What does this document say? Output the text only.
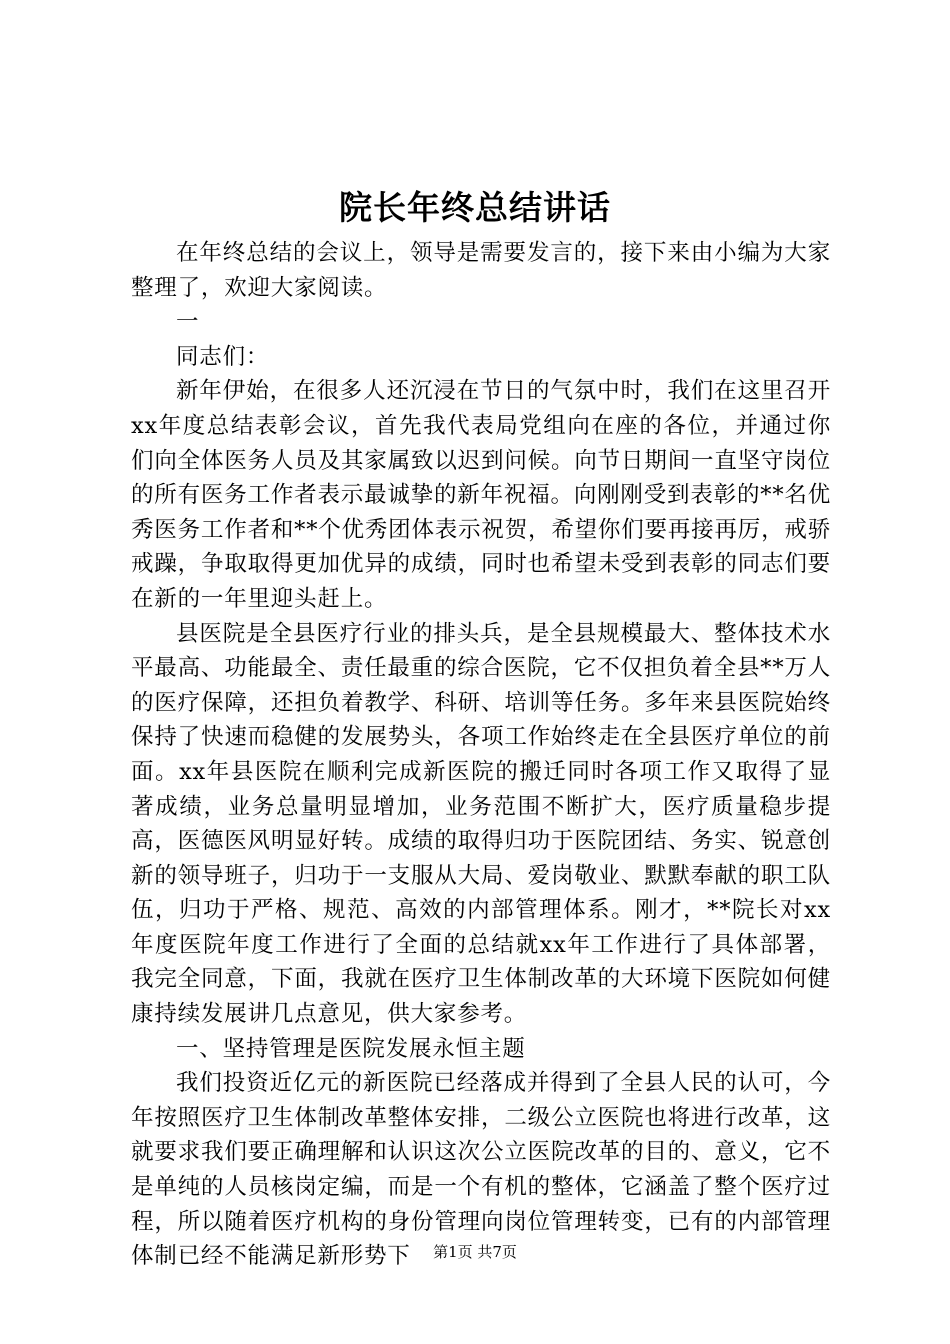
院长年终总结讲话

在年终总结的会议上，领导是需要发言的，接下来由小编为大家整理了，欢迎大家阅读。

一

同志们：

新年伊始，在很多人还沉浸在节日的气氛中时，我们在这里召开xx年度总结表彰会议，首先我代表局党组向在座的各位，并通过你们向全体医务人员及其家属致以迟到问候。向节日期间一直坚守岗位的所有医务工作者表示最诚挚的新年祝福。向刚刚受到表彰的**名优秀医务工作者和**个优秀团体表示祝贺，希望你们要再接再厉，戒骄戒躁，争取取得更加优异的成绩，同时也希望未受到表彰的同志们要在新的一年里迎头赶上。

县医院是全县医疗行业的排头兵，是全县规模最大、整体技术水平最高、功能最全、责任最重的综合医院，它不仅担负着全县**万人的医疗保障，还担负着教学、科研、培训等任务。多年来县医院始终保持了快速而稳健的发展势头，各项工作始终走在全县医疗单位的前面。xx年县医院在顺利完成新医院的搬迁同时各项工作又取得了显著成绩，业务总量明显增加，业务范围不断扩大，医疗质量稳步提高，医德医风明显好转。成绩的取得归功于医院团结、务实、锐意创新的领导班子，归功于一支服从大局、爱岗敬业、默默奉献的职工队伍，归功于严格、规范、高效的内部管理体系。刚才，**院长对xx年度医院年度工作进行了全面的总结就xx年工作进行了具体部署，我完全同意，下面，我就在医疗卫生体制改革的大环境下医院如何健康持续发展讲几点意见，供大家参考。

一、坚持管理是医院发展永恒主题

我们投资近亿元的新医院已经落成并得到了全县人民的认可，今年按照医疗卫生体制改革整体安排，二级公立医院也将进行改革，这就要求我们要正确理解和认识这次公立医院改革的目的、意义，它不是单纯的人员核岗定编，而是一个有机的整体，它涵盖了整个医疗过程，所以随着医疗机构的身份管理向岗位管理转变，已有的内部管理体制已经不能满足新形势下	第1页 共7页
